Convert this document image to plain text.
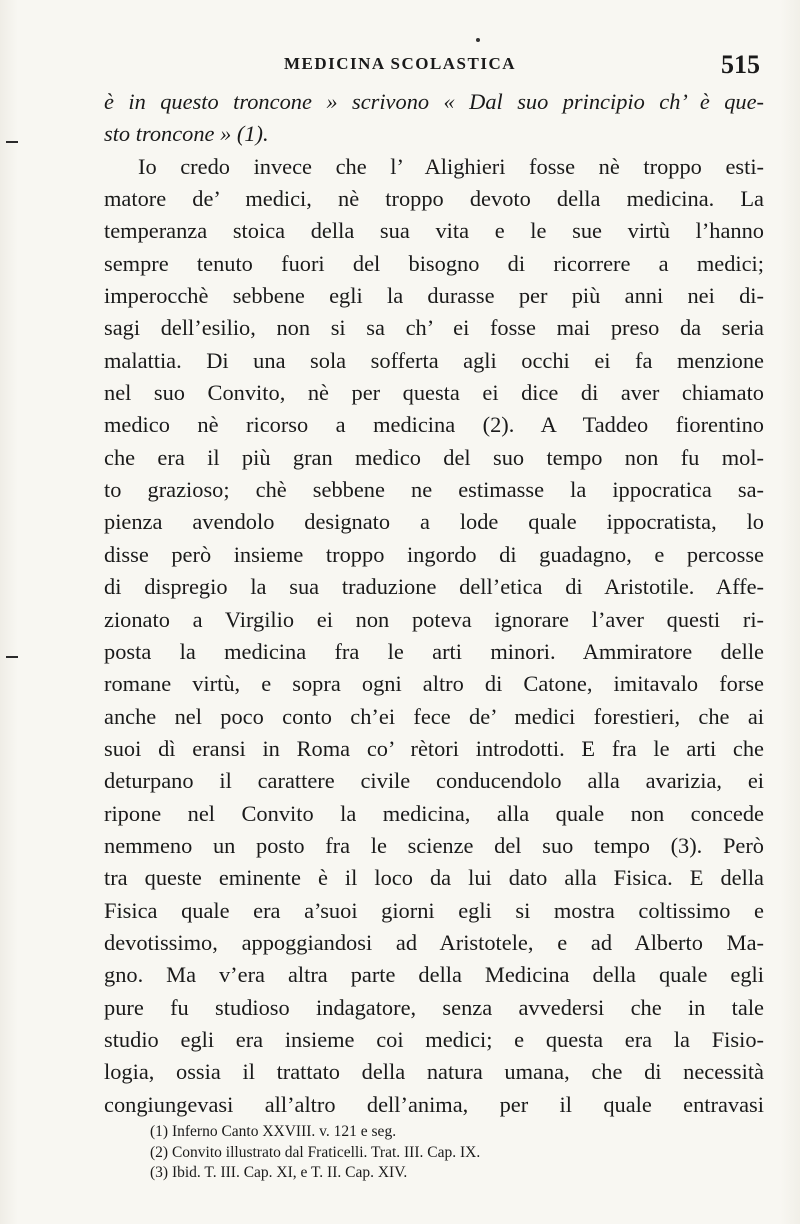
MEDICINA SCOLASTICA	515
è in questo troncone » scrivono « Dal suo principio ch’ è que-
sto troncone » (1).
Io credo invece che l’ Alighieri fosse nè troppo esti-
matore de’ medici, nè troppo devoto della medicina. La
temperanza stoica della sua vita e le sue virtù l’hanno
sempre tenuto fuori del bisogno di ricorrere a medici;
imperocchè sebbene egli la durasse per più anni nei di-
sagi dell’esilio, non si sa ch’ ei fosse mai preso da seria
malattia. Di una sola sofferta agli occhi ei fa menzione
nel suo Convito, nè per questa ei dice di aver chiamato
medico nè ricorso a medicina (2). A Taddeo fiorentino
che era il più gran medico del suo tempo non fu mol-
to grazioso; chè sebbene ne estimasse la ippocratica sa-
pienza avendolo designato a lode quale ippocratista, lo
disse però insieme troppo ingordo di guadagno, e percosse
di dispregio la sua traduzione dell’etica di Aristotile. Affe-
zionato a Virgilio ei non poteva ignorare l’aver questi ri-
posta la medicina fra le arti minori. Ammiratore delle
romane virtù, e sopra ogni altro di Catone, imitavalo forse
anche nel poco conto ch’ei fece de’ medici forestieri, che ai
suoi dì eransi in Roma co’ rètori introdotti. E fra le arti che
deturpano il carattere civile conducendolo alla avarizia, ei
ripone nel Convito la medicina, alla quale non concede
nemmeno un posto fra le scienze del suo tempo (3). Però
tra queste eminente è il loco da lui dato alla Fisica. E della
Fisica quale era a’suoi giorni egli si mostra coltissimo e
devotissimo, appoggiandosi ad Aristotele, e ad Alberto Ma-
gno. Ma v’era altra parte della Medicina della quale egli
pure fu studioso indagatore, senza avvedersi che in tale
studio egli era insieme coi medici; e questa era la Fisio-
logia, ossia il trattato della natura umana, che di necessità
congiungevasi all’altro dell’anima, per il quale entravasi
(1) Inferno Canto XXVIII. v. 121 e seg.
(2) Convito illustrato dal Fraticelli. Trat. III. Cap. IX.
(3) Ibid. T. III. Cap. XI, e T. II. Cap. XIV.
